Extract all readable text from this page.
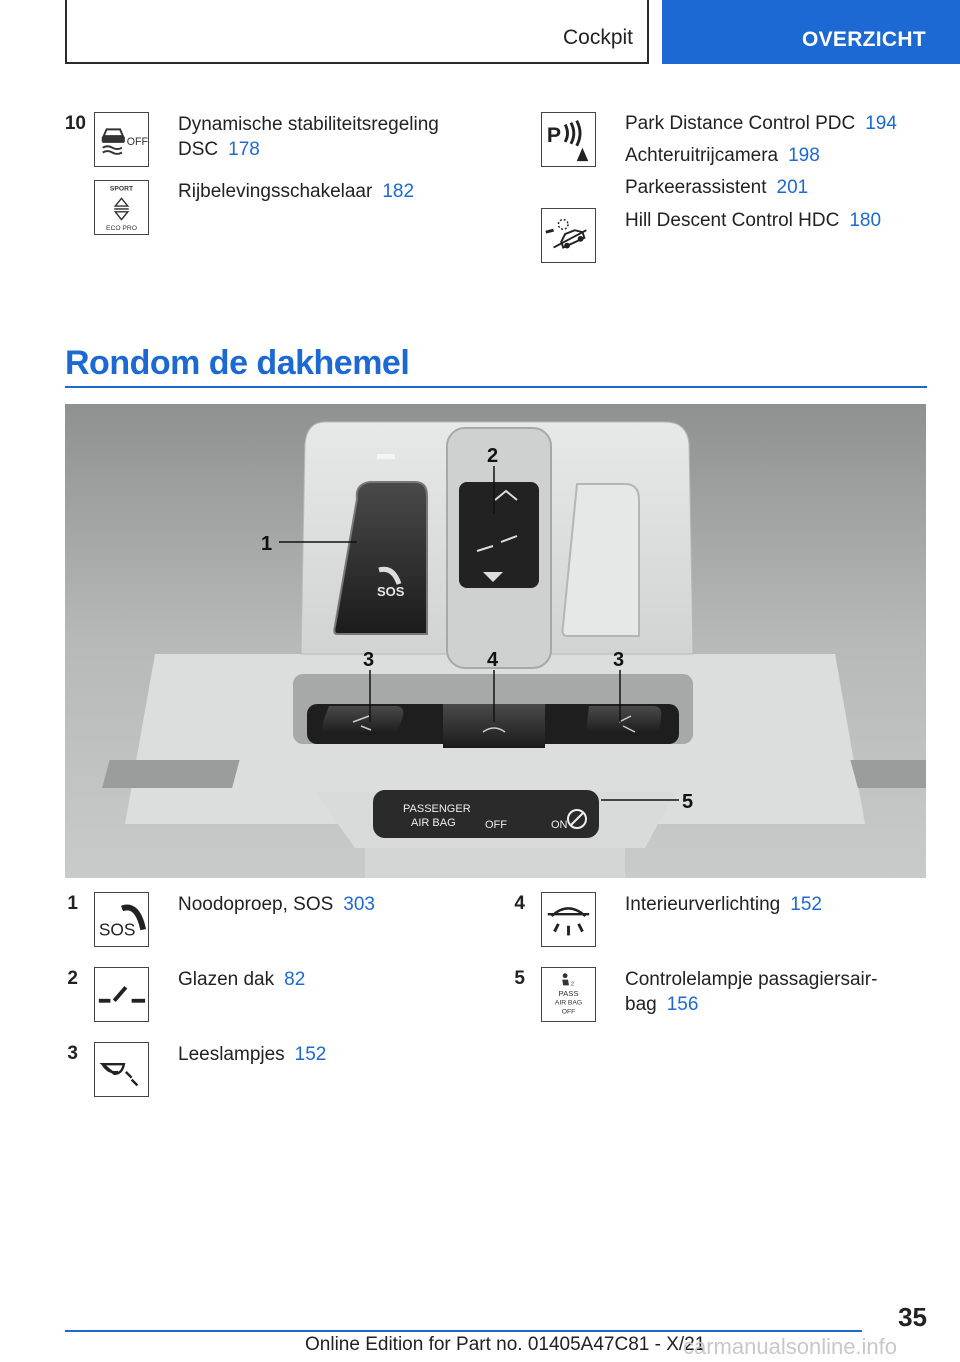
Cockpit	OVERZICHT
10
OFF
Dynamische stabiliteitsregeling
DSC 178
SPORT
ECO PRO
Rijbelevingsschakelaar 182
P
Park Distance Control PDC 194
Achteruitrijcamera 198
Parkeerassistent 201
Hill Descent Control HDC 180
Rondom de dakhemel
SOS
PASSENGER
AIR BAG	OFF	ON
1
2
3	4	3
5
1
SOS
Noodoproep, SOS 303
2	Glazen dak 82
3	Leeslampjes 152
4	Interieurverlichting 152
5	2
PASS
AIR BAG
OFF
Controlelampje passagiersair-
bag 156
35
Online Edition for Part no. 01405A47C81 - X/21
carmanualsonline.info
